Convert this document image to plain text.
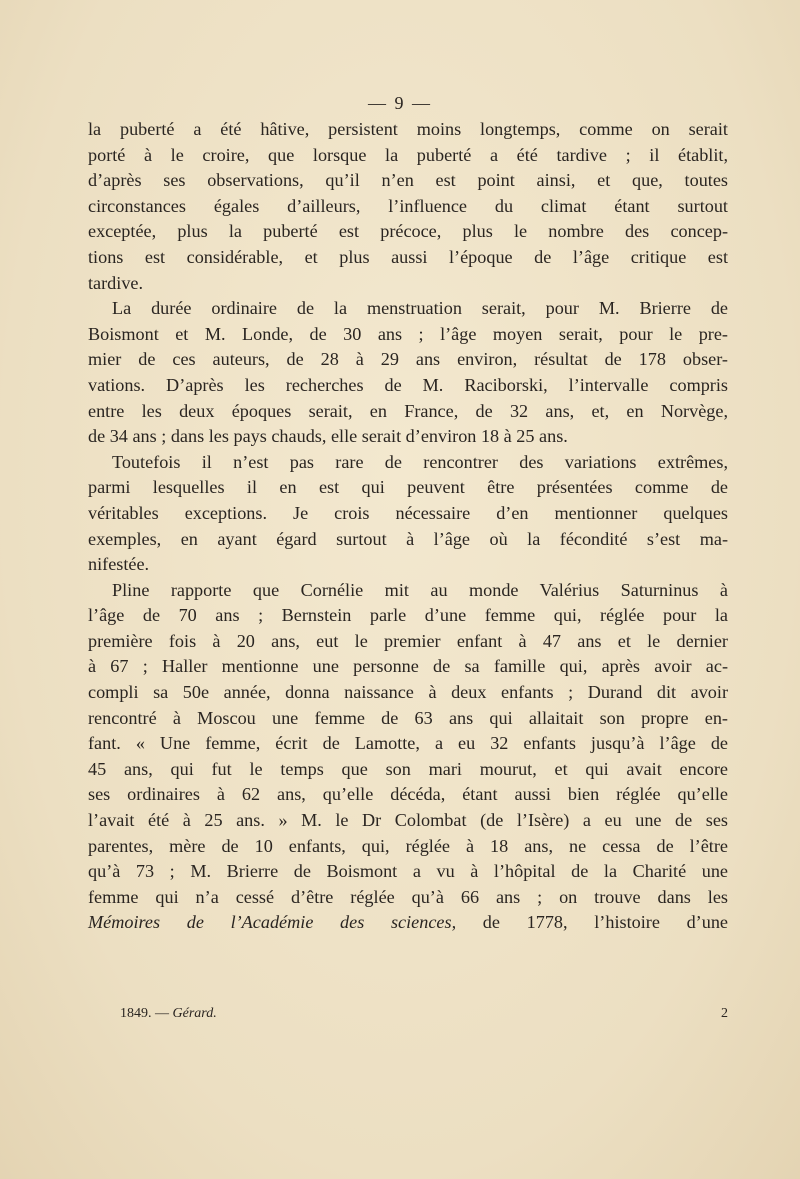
— 9 —
la puberté a été hâtive, persistent moins longtemps, comme on serait
porté à le croire, que lorsque la puberté a été tardive ; il établit,
d’après ses observations, qu’il n’en est point ainsi, et que, toutes
circonstances égales d’ailleurs, l’influence du climat étant surtout
exceptée, plus la puberté est précoce, plus le nombre des concep-
tions est considérable, et plus aussi l’époque de l’âge critique est
tardive.
La durée ordinaire de la menstruation serait, pour M. Brierre de
Boismont et M. Londe, de 30 ans ; l’âge moyen serait, pour le pre-
mier de ces auteurs, de 28 à 29 ans environ, résultat de 178 obser-
vations. D’après les recherches de M. Raciborski, l’intervalle compris
entre les deux époques serait, en France, de 32 ans, et, en Norvège,
de 34 ans ; dans les pays chauds, elle serait d’environ 18 à 25 ans.
Toutefois il n’est pas rare de rencontrer des variations extrêmes,
parmi lesquelles il en est qui peuvent être présentées comme de
véritables exceptions. Je crois nécessaire d’en mentionner quelques
exemples, en ayant égard surtout à l’âge où la fécondité s’est ma-
nifestée.
Pline rapporte que Cornélie mit au monde Valérius Saturninus à
l’âge de 70 ans ; Bernstein parle d’une femme qui, réglée pour la
première fois à 20 ans, eut le premier enfant à 47 ans et le dernier
à 67 ; Haller mentionne une personne de sa famille qui, après avoir ac-
compli sa 50e année, donna naissance à deux enfants ; Durand dit avoir
rencontré à Moscou une femme de 63 ans qui allaitait son propre en-
fant. « Une femme, écrit de Lamotte, a eu 32 enfants jusqu’à l’âge de
45 ans, qui fut le temps que son mari mourut, et qui avait encore
ses ordinaires à 62 ans, qu’elle décéda, étant aussi bien réglée qu’elle
l’avait été à 25 ans. » M. le Dr Colombat (de l’Isère) a eu une de ses
parentes, mère de 10 enfants, qui, réglée à 18 ans, ne cessa de l’être
qu’à 73 ; M. Brierre de Boismont a vu à l’hôpital de la Charité une
femme qui n’a cessé d’être réglée qu’à 66 ans ; on trouve dans les
Mémoires de l’Académie des sciences, de 1778, l’histoire d’une
1849. — Gérard.	2
